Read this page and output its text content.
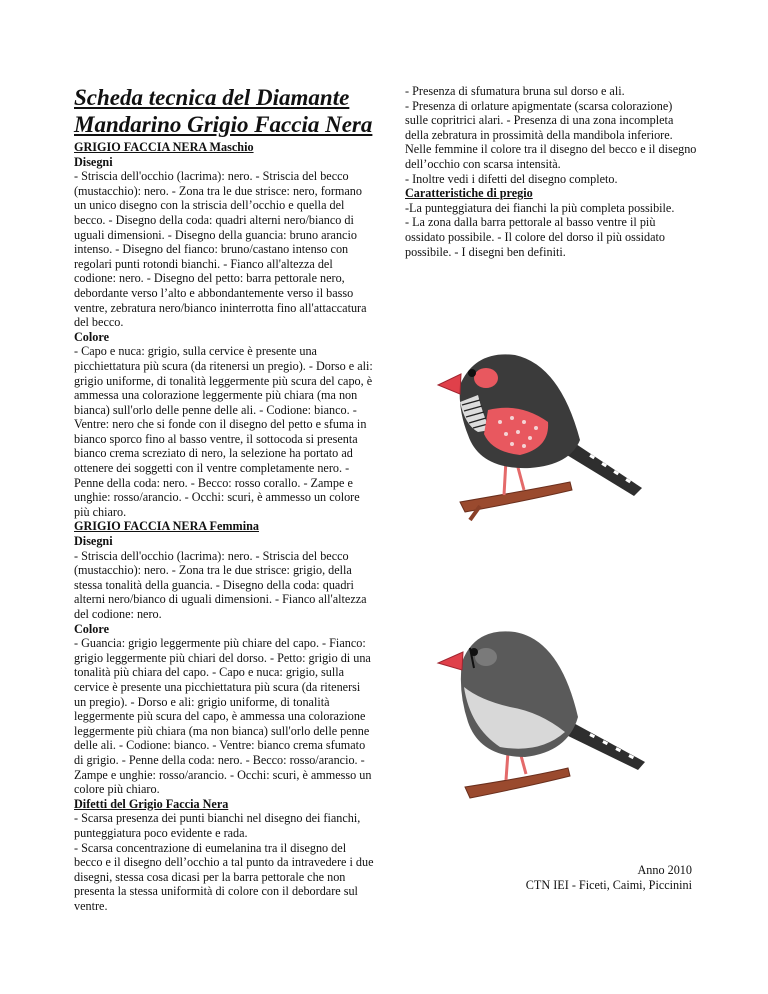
Scheda tecnica del Diamante Mandarino Grigio Faccia Nera
GRIGIO FACCIA NERA Maschio
Disegni
- Striscia dell'occhio (lacrima): nero. - Striscia del becco (mustacchio): nero. - Zona tra le due strisce: nero, formano un unico disegno con la striscia dell’occhio e quella del becco. - Disegno della coda: quadri alterni nero/bianco di uguali dimensioni. - Disegno della guancia: bruno arancio intenso. - Disegno del fianco: bruno/castano intenso con regolari punti rotondi bianchi. - Fianco all'altezza del codione: nero. - Disegno del petto: barra pettorale nero, debordante verso l’alto e abbondantemente verso il basso ventre, zebratura nero/bianco ininterrotta fino all'attaccatura del becco.
Colore
- Capo e nuca: grigio, sulla cervice è presente una picchiettatura più scura (da ritenersi un pregio). - Dorso e ali: grigio uniforme, di tonalità leggermente più scura del capo, è ammessa una colorazione leggermente più chiara (ma non bianca) sull'orlo delle penne delle ali. - Codione: bianco. - Ventre: nero che si fonde con il disegno del petto e sfuma in bianco sporco fino al basso ventre, il sottocoda si presenta bianco crema screziato di nero, la selezione ha portato ad ottenere dei soggetti con il ventre completamente nero. - Penne della coda: nero. - Becco: rosso corallo. - Zampe e unghie: rosso/arancio. - Occhi: scuri, è ammesso un colore più chiaro.
GRIGIO FACCIA NERA Femmina
Disegni
- Striscia dell'occhio (lacrima): nero. - Striscia del becco (mustacchio): nero. - Zona tra le due strisce: grigio, della stessa tonalità della guancia. - Disegno della coda: quadri alterni nero/bianco di uguali dimensioni. - Fianco all'altezza del codione: nero.
Colore
- Guancia: grigio leggermente più chiare del capo. - Fianco: grigio leggermente più chiari del dorso. - Petto: grigio di una tonalità più chiara del capo. - Capo e nuca: grigio, sulla cervice è presente una picchiettatura più scura (da ritenersi un pregio). - Dorso e ali: grigio uniforme, di tonalità leggermente più scura del capo, è ammessa una colorazione leggermente più chiara (ma non bianca) sull'orlo delle penne delle ali. - Codione: bianco. - Ventre: bianco crema sfumato di grigio. - Penne della coda: nero. - Becco: rosso/arancio. - Zampe e unghie: rosso/arancio. - Occhi: scuri, è ammesso un colore più chiaro.
Difetti del Grigio Faccia Nera
- Scarsa presenza dei punti bianchi nel disegno dei fianchi, punteggiatura poco evidente e rada.
- Scarsa concentrazione di eumelanina tra il disegno del becco e il disegno dell’occhio a tal punto da intravedere i due disegni, stessa cosa dicasi per la barra pettorale che non presenta la stessa uniformità di colore con il debordare sul ventre.
- Presenza di sfumatura bruna sul dorso e ali.
- Presenza di orlature apigmentate (scarsa colorazione) sulle copritrici alari. - Presenza di una zona incompleta della zebratura in prossimità della mandibola inferiore. Nelle femmine il colore tra il disegno del becco e il disegno dell’occhio con scarsa intensità.
- Inoltre vedi i difetti del disegno completo.
Caratteristiche di pregio
-La punteggiatura dei fianchi la più completa possibile.
- La zona dalla barra pettorale al basso ventre il più ossidato possibile. - Il colore del dorso il più ossidato possibile. - I disegni ben definiti.
Anno 2010
CTN IEI - Ficeti, Caimi, Piccinini
